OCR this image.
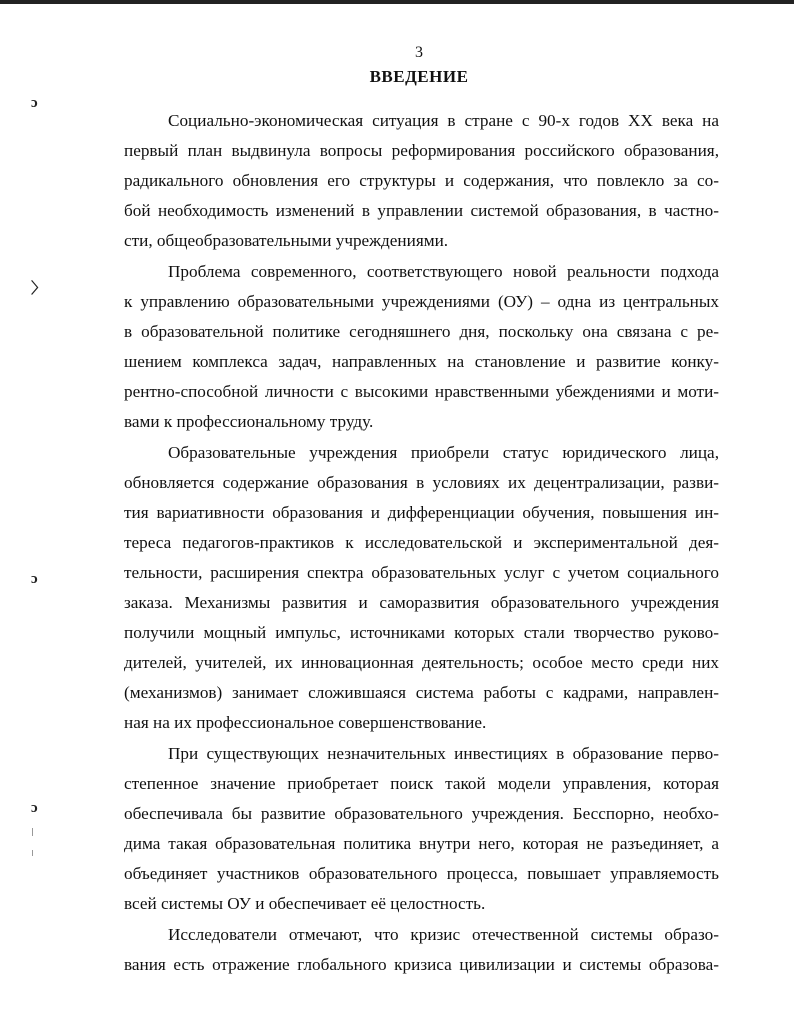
3
ВВЕДЕНИЕ
ɔ
〉
ɔ
ɔ
Социально-экономическая ситуация в стране с 90-х годов XX века на
первый план выдвинула вопросы реформирования российского образования,
радикального обновления его структуры и содержания, что повлекло за со-
бой необходимость изменений в управлении системой образования, в частно-
сти, общеобразовательными учреждениями.
Проблема современного, соответствующего новой реальности подхода
к управлению образовательными учреждениями (ОУ) – одна из центральных
в образовательной политике сегодняшнего дня, поскольку она связана с ре-
шением комплекса задач, направленных на становление и развитие конку-
рентно-способной личности с высокими нравственными убеждениями и моти-
вами к профессиональному труду.
Образовательные учреждения приобрели статус юридического лица,
обновляется содержание образования в условиях их децентрализации, разви-
тия вариативности образования и дифференциации обучения, повышения ин-
тереса педагогов-практиков к исследовательской и экспериментальной дея-
тельности, расширения спектра образовательных услуг с учетом социального
заказа. Механизмы развития и саморазвития образовательного учреждения
получили мощный импульс, источниками которых стали творчество руково-
дителей, учителей, их инновационная деятельность; особое место среди них
(механизмов) занимает сложившаяся система работы с кадрами, направлен-
ная на их профессиональное совершенствование.
При существующих незначительных инвестициях в образование перво-
степенное значение приобретает поиск такой модели управления, которая
обеспечивала бы развитие образовательного учреждения. Бесспорно, необхо-
дима такая образовательная политика внутри него, которая не разъединяет, а
объединяет участников образовательного процесса, повышает управляемость
всей системы ОУ и обеспечивает её целостность.
Исследователи отмечают, что кризис отечественной системы образо-
вания есть отражение глобального кризиса цивилизации и системы образова-
